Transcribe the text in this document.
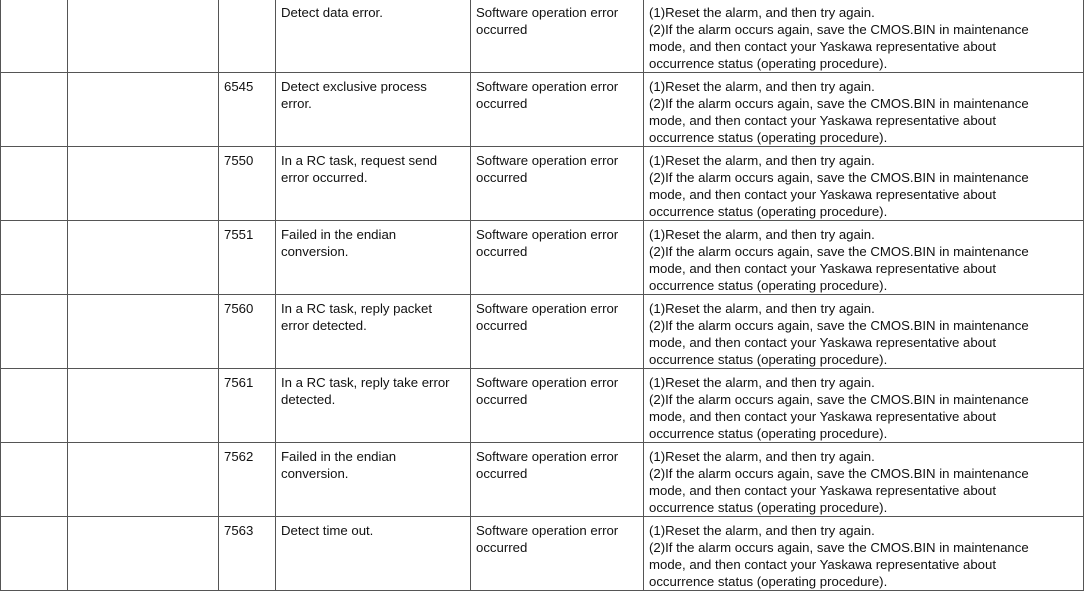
			Detect data error.	Software operation error
occurred	(1)Reset the alarm, and then try again.
(2)If the alarm occurs again, save the CMOS.BIN in maintenance
mode, and then contact your Yaskawa representative about
occurrence status (operating procedure).

		6545	Detect exclusive process
error.	Software operation error
occurred	(1)Reset the alarm, and then try again.
(2)If the alarm occurs again, save the CMOS.BIN in maintenance
mode, and then contact your Yaskawa representative about
occurrence status (operating procedure).

		7550	In a RC task, request send
error occurred.	Software operation error
occurred	(1)Reset the alarm, and then try again.
(2)If the alarm occurs again, save the CMOS.BIN in maintenance
mode, and then contact your Yaskawa representative about
occurrence status (operating procedure).

		7551	Failed in the endian
conversion.	Software operation error
occurred	(1)Reset the alarm, and then try again.
(2)If the alarm occurs again, save the CMOS.BIN in maintenance
mode, and then contact your Yaskawa representative about
occurrence status (operating procedure).

		7560	In a RC task, reply packet
error detected.	Software operation error
occurred	(1)Reset the alarm, and then try again.
(2)If the alarm occurs again, save the CMOS.BIN in maintenance
mode, and then contact your Yaskawa representative about
occurrence status (operating procedure).

		7561	In a RC task, reply take error
detected.	Software operation error
occurred	(1)Reset the alarm, and then try again.
(2)If the alarm occurs again, save the CMOS.BIN in maintenance
mode, and then contact your Yaskawa representative about
occurrence status (operating procedure).

		7562	Failed in the endian
conversion.	Software operation error
occurred	(1)Reset the alarm, and then try again.
(2)If the alarm occurs again, save the CMOS.BIN in maintenance
mode, and then contact your Yaskawa representative about
occurrence status (operating procedure).

		7563	Detect time out.	Software operation error
occurred	(1)Reset the alarm, and then try again.
(2)If the alarm occurs again, save the CMOS.BIN in maintenance
mode, and then contact your Yaskawa representative about
occurrence status (operating procedure).
